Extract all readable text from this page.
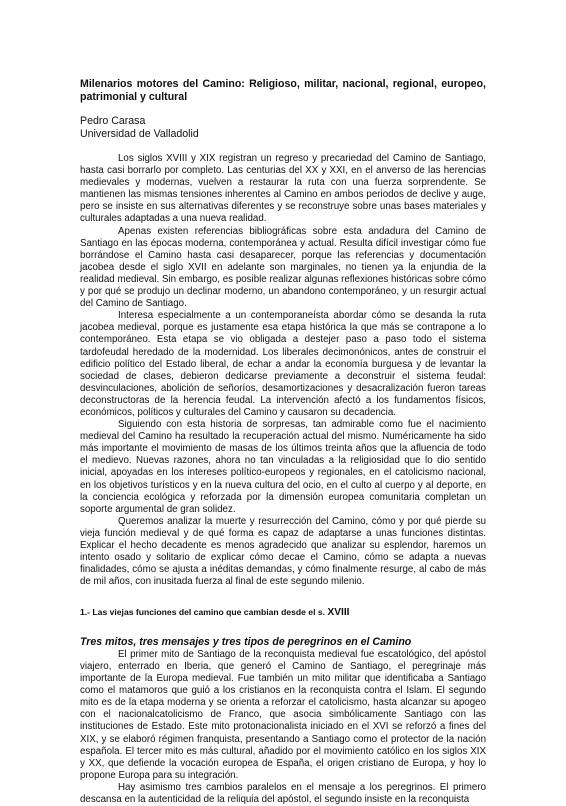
Milenarios motores del Camino: Religioso, militar, nacional, regional, europeo, patrimonial y cultural
Pedro Carasa
Universidad de Valladolid

Los siglos XVIII y XIX registran un regreso y precariedad del Camino de Santiago, hasta casi borrarlo por completo. Las centurias del XX y XXI, en el anverso de las herencias medievales y modernas, vuelven a restaurar la ruta con una fuerza sorprendente. Se mantienen las mismas tensiones inherentes al Camino en ambos periodos de declive y auge, pero se insiste en sus alternativas diferentes y se reconstruye sobre unas bases materiales y culturales adaptadas a una nueva realidad.

Apenas existen referencias bibliográficas sobre esta andadura del Camino de Santiago en las épocas moderna, contemporánea y actual. Resulta difícil investigar cómo fue borrándose el Camino hasta casi desaparecer, porque las referencias y documentación jacobea desde el siglo XVII en adelante son marginales, no tienen ya la enjundia de la realidad medieval. Sin embargo, es posible realizar algunas reflexiones históricas sobre cómo y por qué se produjo un declinar moderno, un abandono contemporáneo, y un resurgir actual del Camino de Santiago.

Interesa especialmente a un contemporaneísta abordar cómo se desanda la ruta jacobea medieval, porque es justamente esa etapa histórica la que más se contrapone a lo contemporáneo. Esta etapa se vio obligada a destejer paso a paso todo el sistema tardofeudal heredado de la modernidad. Los liberales decimonónicos, antes de construir el edificio político del Estado liberal, de echar a andar la economía burguesa y de levantar la sociedad de clases, debieron dedicarse previamente a deconstruir el sistema feudal: desvinculaciones, abolición de señoríos, desamortizaciones y desacralización fueron tareas deconstructoras de la herencia feudal. La intervención afectó a los fundamentos físicos, económicos, políticos y culturales del Camino y causaron su decadencia.

Siguiendo con esta historia de sorpresas, tan admirable como fue el nacimiento medieval del Camino ha resultado la recuperación actual del mismo. Numéricamente ha sido más importante el movimiento de masas de los últimos treinta años que la afluencia de todo el medievo. Nuevas razones, ahora no tan vinculadas a la religiosidad que lo dio sentido inicial, apoyadas en los intereses político-europeos y regionales, en el catolicismo nacional, en los objetivos turísticos y en la nueva cultura del ocio, en el culto al cuerpo y al deporte, en la conciencia ecológica y reforzada por la dimensión europea comunitaria completan un soporte argumental de gran solidez.

Queremos analizar la muerte y resurrección del Camino, cómo y por qué pierde su vieja función medieval y de qué forma es capaz de adaptarse a unas funciones distintas. Explicar el hecho decadente es menos agradecido que analizar su esplendor, haremos un intento osado y solitario de explicar cómo decae el Camino, cómo se adapta a nuevas finalidades, cómo se ajusta a inéditas demandas, y cómo finalmente resurge, al cabo de más de mil años, con inusitada fuerza al final de este segundo milenio.

1.- Las viejas funciones del camino que cambian desde el s. XVIII
Tres mitos, tres mensajes y tres tipos de peregrinos en el Camino

El primer mito de Santiago de la reconquista medieval fue escatológico, del apóstol viajero, enterrado en Iberia, que generó el Camino de Santiago, el peregrinaje más importante de la Europa medieval. Fue también un mito militar que identificaba a Santiago como el matamoros que guió a los cristianos en la reconquista contra el Islam. El segundo mito es de la etapa moderna y se orienta a reforzar el catolicismo, hasta alcanzar su apogeo con el nacionalcatolicismo de Franco, que asocia simbólicamente Santiago con las instituciones de Estado. Este mito protonacionalista iniciado en el XVI se reforzó a fines del XIX, y se elaboró régimen franquista, presentando a Santiago como el protector de la nación española. El tercer mito es más cultural, añadido por el movimiento católico en los siglos XIX y XX, que defiende la vocación europea de España, el origen cristiano de Europa, y hoy lo propone Europa para su integración.

Hay asimismo tres cambios paralelos en el mensaje a los peregrinos. El primero descansa en la autenticidad de la reliquia del apóstol, el segundo insiste en la reconquista
